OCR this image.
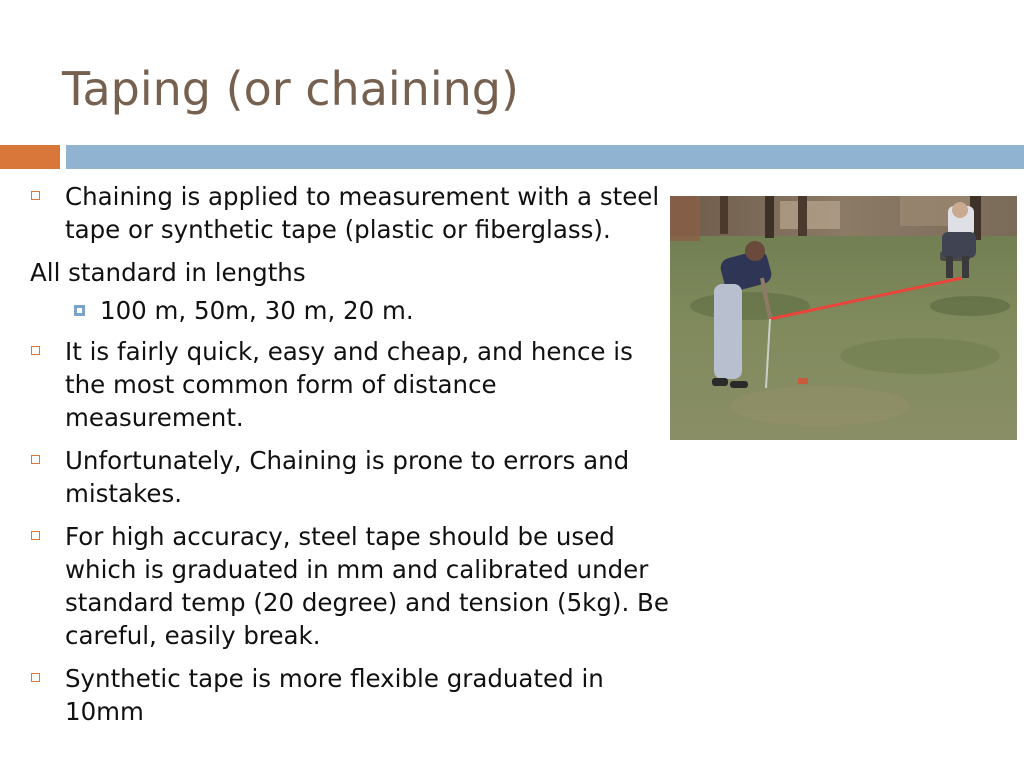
Taping (or chaining)
Chaining is applied to measurement with a steel tape or synthetic tape (plastic or fiberglass).
All standard in lengths
100 m, 50m, 30 m, 20 m.
It is fairly quick, easy and cheap, and hence is the most common form of distance measurement.
Unfortunately, Chaining is prone to errors and mistakes.
For high accuracy, steel tape should be used which is graduated in mm and calibrated under standard temp (20 degree) and tension (5kg). Be careful, easily break.
Synthetic tape is more flexible graduated in 10mm
